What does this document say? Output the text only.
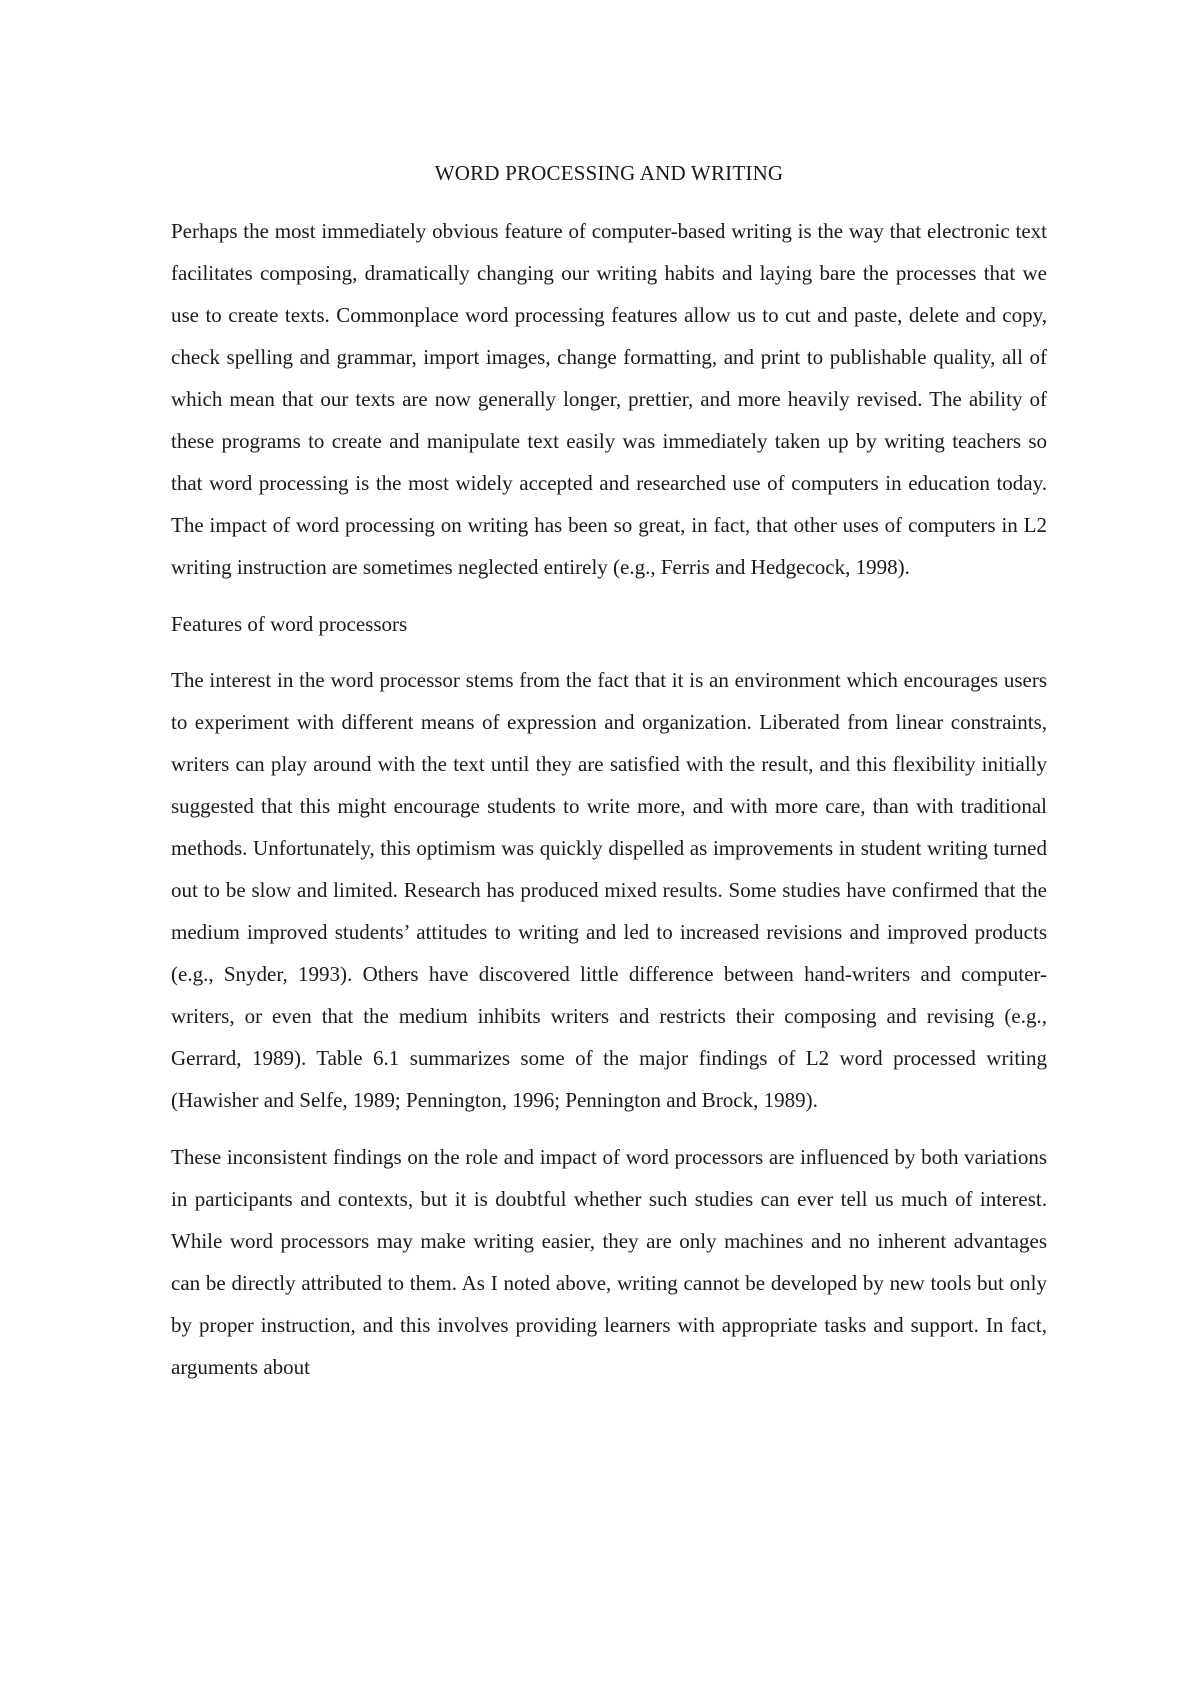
WORD PROCESSING AND WRITING

Perhaps the most immediately obvious feature of computer-based writing is the way that electronic text facilitates composing, dramatically changing our writing habits and laying bare the processes that we use to create texts. Commonplace word processing features allow us to cut and paste, delete and copy, check spelling and grammar, import images, change formatting, and print to publishable quality, all of which mean that our texts are now generally longer, prettier, and more heavily revised. The ability of these programs to create and manipulate text easily was immediately taken up by writing teachers so that word processing is the most widely accepted and researched use of computers in education today. The impact of word processing on writing has been so great, in fact, that other uses of computers in L2 writing instruction are sometimes neglected entirely (e.g., Ferris and Hedgecock, 1998).

Features of word processors

The interest in the word processor stems from the fact that it is an environment which encourages users to experiment with different means of expression and organization. Liberated from linear constraints, writers can play around with the text until they are satisfied with the result, and this flexibility initially suggested that this might encourage students to write more, and with more care, than with traditional methods. Unfortunately, this optimism was quickly dispelled as improvements in student writing turned out to be slow and limited. Research has produced mixed results. Some studies have confirmed that the medium improved students’ attitudes to writing and led to increased revisions and improved products (e.g., Snyder, 1993). Others have discovered little difference between hand-writers and computer-writers, or even that the medium inhibits writers and restricts their composing and revising (e.g., Gerrard, 1989). Table 6.1 summarizes some of the major findings of L2 word processed writing (Hawisher and Selfe, 1989; Pennington, 1996; Pennington and Brock, 1989).

These inconsistent findings on the role and impact of word processors are influenced by both variations in participants and contexts, but it is doubtful whether such studies can ever tell us much of interest. While word processors may make writing easier, they are only machines and no inherent advantages can be directly attributed to them. As I noted above, writing cannot be developed by new tools but only by proper instruction, and this involves providing learners with appropriate tasks and support. In fact, arguments about
